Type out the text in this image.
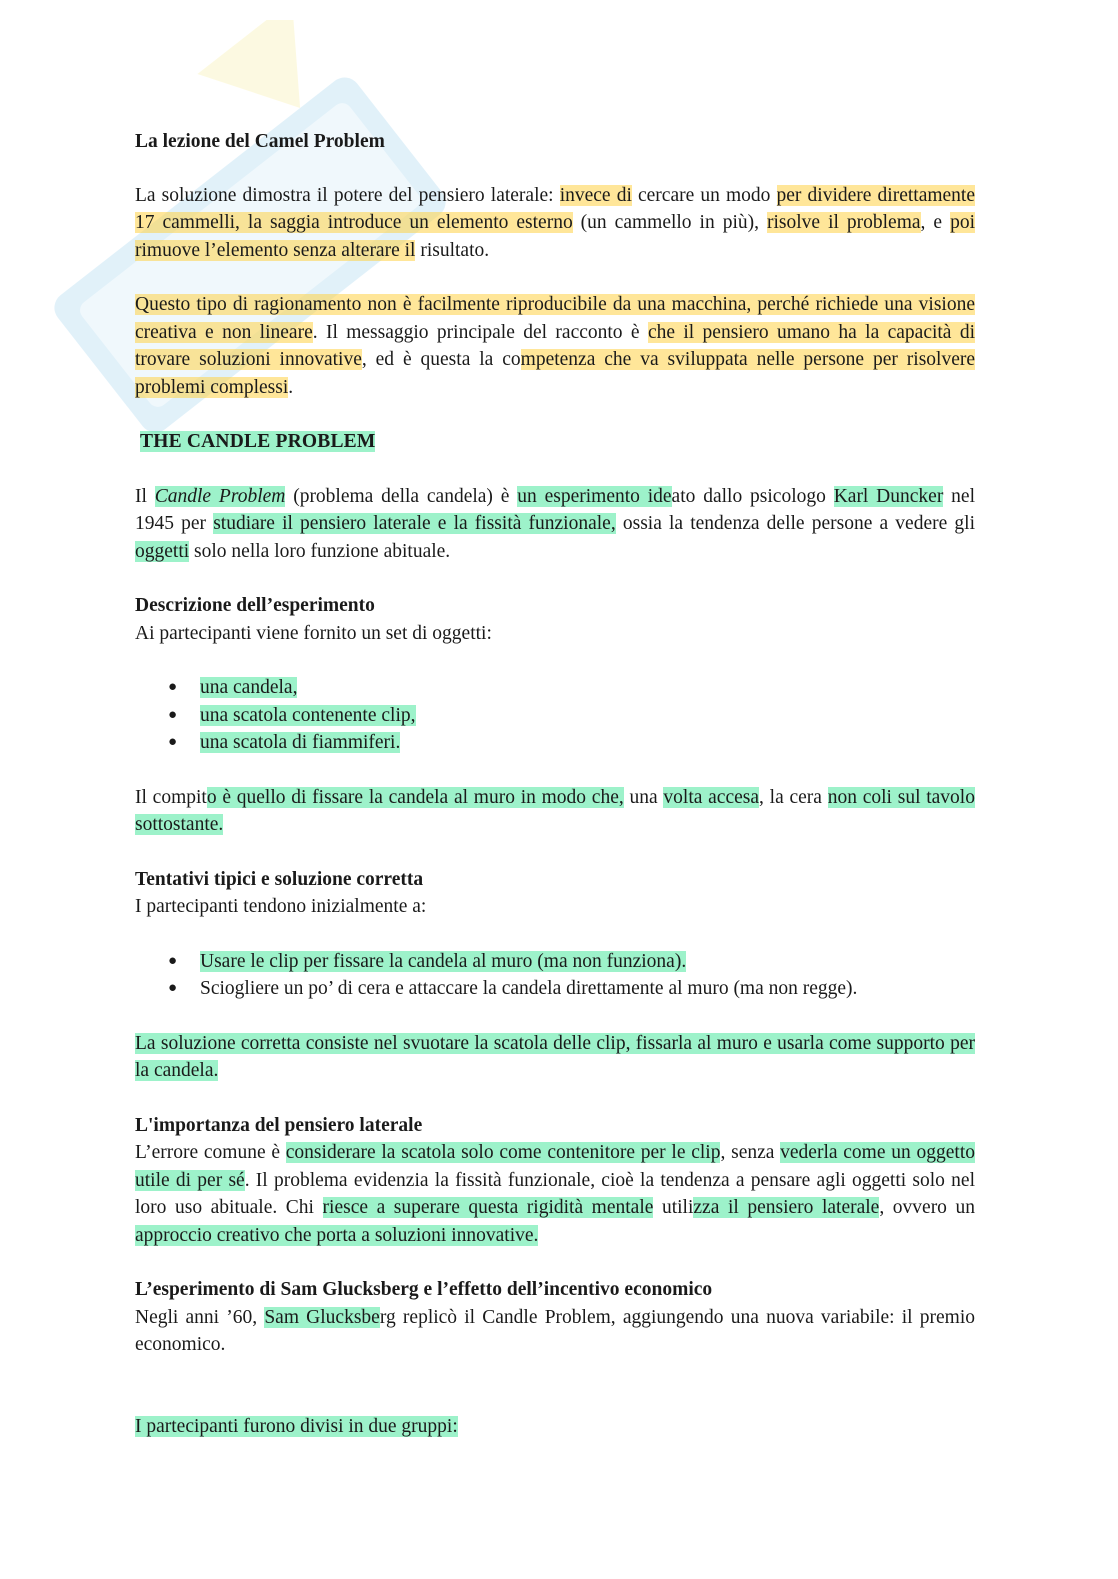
La lezione del Camel Problem

La soluzione dimostra il potere del pensiero laterale: invece di cercare un modo per dividere direttamente 17 cammelli, la saggia introduce un elemento esterno (un cammello in più), risolve il problema, e poi rimuove l’elemento senza alterare il risultato.

Questo tipo di ragionamento non è facilmente riproducibile da una macchina, perché richiede una visione creativa e non lineare. Il messaggio principale del racconto è che il pensiero umano ha la capacità di trovare soluzioni innovative, ed è questa la competenza che va sviluppata nelle persone per risolvere problemi complessi.

THE CANDLE PROBLEM

Il Candle Problem (problema della candela) è un esperimento ideato dallo psicologo Karl Duncker nel 1945 per studiare il pensiero laterale e la fissità funzionale, ossia la tendenza delle persone a vedere gli oggetti solo nella loro funzione abituale.

Descrizione dell’esperimento

Ai partecipanti viene fornito un set di oggetti:

● una candela,
● una scatola contenente clip,
● una scatola di fiammiferi.

Il compito è quello di fissare la candela al muro in modo che, una volta accesa, la cera non coli sul tavolo sottostante.

Tentativi tipici e soluzione corretta

I partecipanti tendono inizialmente a:

● Usare le clip per fissare la candela al muro (ma non funziona).
● Sciogliere un po’ di cera e attaccare la candela direttamente al muro (ma non regge).

La soluzione corretta consiste nel svuotare la scatola delle clip, fissarla al muro e usarla come supporto per la candela.

L'importanza del pensiero laterale

L’errore comune è considerare la scatola solo come contenitore per le clip, senza vederla come un oggetto utile di per sé. Il problema evidenzia la fissità funzionale, cioè la tendenza a pensare agli oggetti solo nel loro uso abituale. Chi riesce a superare questa rigidità mentale utilizza il pensiero laterale, ovvero un approccio creativo che porta a soluzioni innovative.

L’esperimento di Sam Glucksberg e l’effetto dell’incentivo economico

Negli anni ’60, Sam Glucksberg replicò il Candle Problem, aggiungendo una nuova variabile: il premio economico.

I partecipanti furono divisi in due gruppi:
